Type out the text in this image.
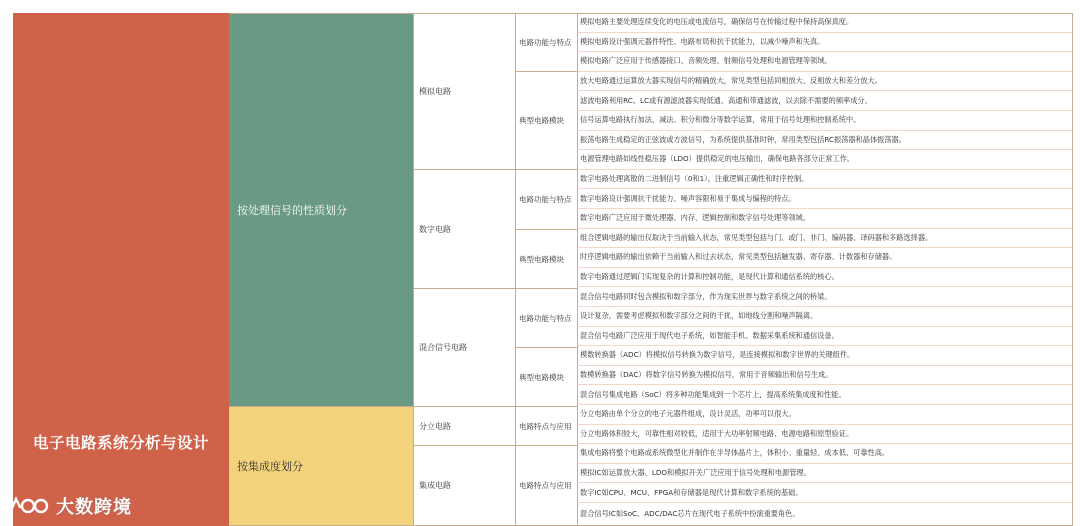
电子电路系统分析与设计
按处理信号的性质划分
按集成度划分
模拟电路
数字电路
混合信号电路
分立电路
集成电路
电路功能与特点
典型电路模块
电路功能与特点
典型电路模块
电路功能与特点
典型电路模块
电路特点与应用
电路特点与应用
模拟电路主要处理连续变化的电压或电流信号，确保信号在传输过程中保持高保真度。
模拟电路设计强调元器件特性、电路布局和抗干扰能力，以减少噪声和失真。
模拟电路广泛应用于传感器接口、音频处理、射频信号处理和电源管理等领域。
放大电路通过运算放大器实现信号的精确放大，常见类型包括同相放大、反相放大和差分放大。
滤波电路利用RC、LC或有源滤波器实现低通、高通和带通滤波，以去除不需要的频率成分。
信号运算电路执行加法、减法、积分和微分等数学运算，常用于信号处理和控制系统中。
振荡电路生成稳定的正弦波或方波信号，为系统提供基准时钟，常用类型包括RC振荡器和晶体振荡器。
电源管理电路如线性稳压器（LDO）提供稳定的电压输出，确保电路各部分正常工作。
数字电路处理离散的二进制信号（0和1），注重逻辑正确性和时序控制。
数字电路设计强调抗干扰能力、噪声容限和易于集成与编程的特点。
数字电路广泛应用于微处理器、内存、逻辑控制和数字信号处理等领域。
组合逻辑电路的输出仅取决于当前输入状态，常见类型包括与门、或门、非门、编码器、译码器和多路选择器。
时序逻辑电路的输出依赖于当前输入和过去状态，常见类型包括触发器、寄存器、计数器和存储器。
数字电路通过逻辑门实现复杂的计算和控制功能，是现代计算和通信系统的核心。
混合信号电路同时包含模拟和数字部分，作为现实世界与数字系统之间的桥梁。
设计复杂，需要考虑模拟和数字部分之间的干扰，如地线分割和噪声隔离。
混合信号电路广泛应用于现代电子系统，如智能手机、数据采集系统和通信设备。
模数转换器（ADC）将模拟信号转换为数字信号，是连接模拟和数字世界的关键组件。
数模转换器（DAC）将数字信号转换为模拟信号，常用于音频输出和信号生成。
混合信号集成电路（SoC）将多种功能集成到一个芯片上，提高系统集成度和性能。
分立电路由单个分立的电子元器件组成，设计灵活，功率可以很大。
分立电路体积较大，可靠性相对较低，适用于大功率射频电路、电源电路和原型验证。
集成电路将整个电路或系统微型化并制作在半导体晶片上，体积小、重量轻、成本低、可靠性高。
模拟IC如运算放大器、LDO和模拟开关广泛应用于信号处理和电源管理。
数字IC如CPU、MCU、FPGA和存储器是现代计算和数字系统的基础。
混合信号IC如SoC、ADC/DAC芯片在现代电子系统中扮演重要角色。
大数跨境
